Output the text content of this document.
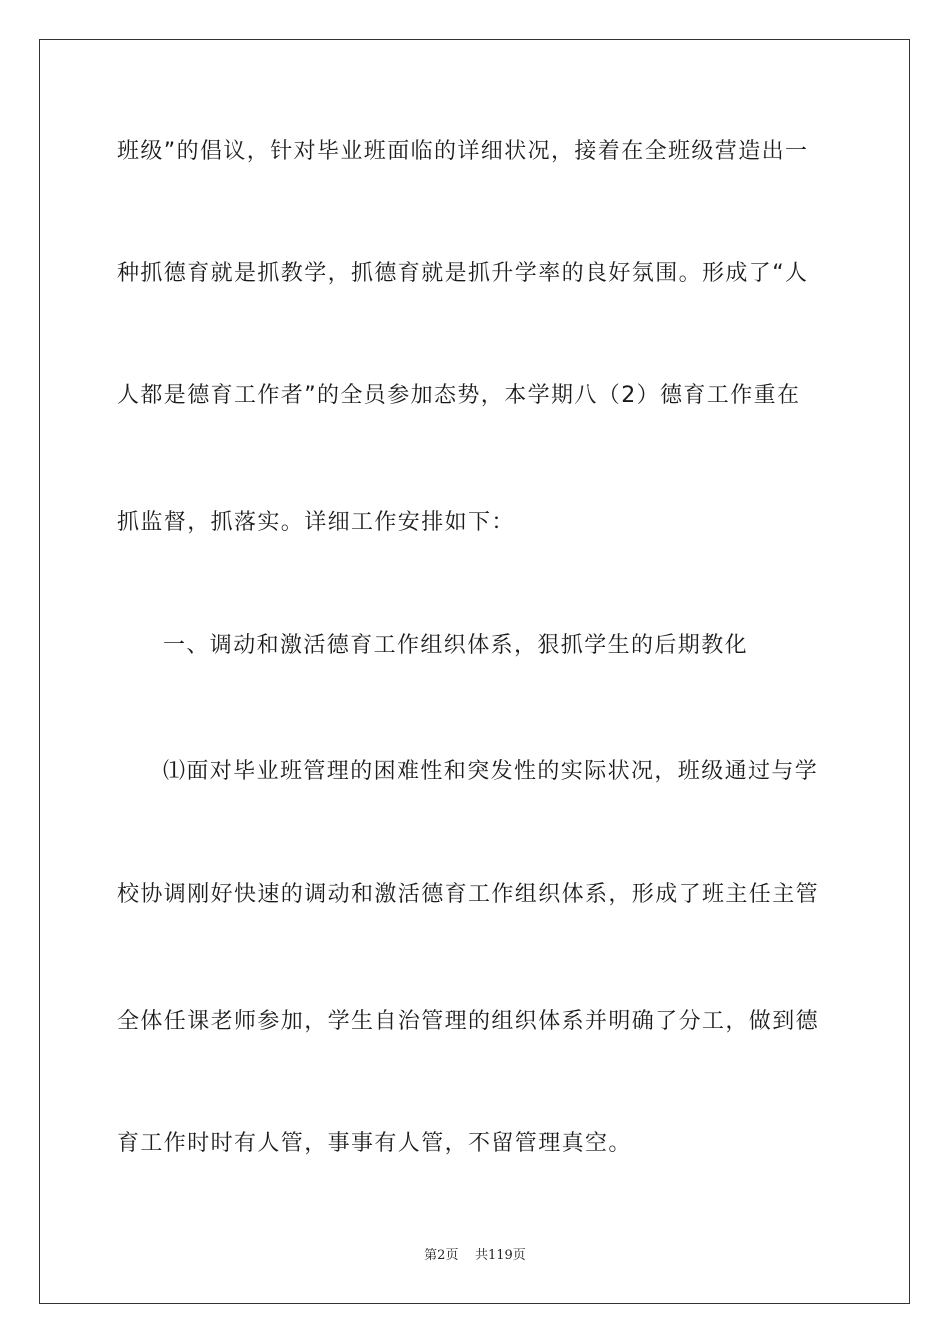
班级”的倡议，针对毕业班面临的详细状况，接着在全班级营造出一
种抓德育就是抓教学，抓德育就是抓升学率的良好氛围。形成了“人
人都是德育工作者”的全员参加态势，本学期八（2）德育工作重在
抓监督，抓落实。详细工作安排如下：
一、调动和激活德育工作组织体系，狠抓学生的后期教化
⑴面对毕业班管理的困难性和突发性的实际状况，班级通过与学
校协调刚好快速的调动和激活德育工作组织体系，形成了班主任主管
全体任课老师参加，学生自治管理的组织体系并明确了分工，做到德
育工作时时有人管，事事有人管，不留管理真空。
第2页 共119页
